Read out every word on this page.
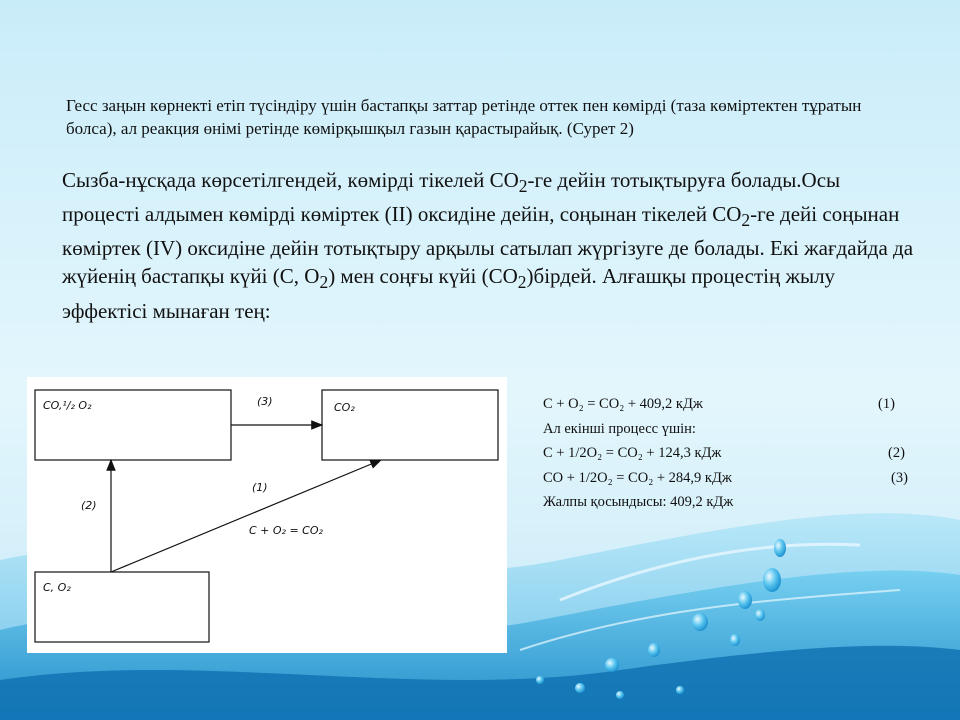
Гесс заңын көрнекті етіп түсіндіру үшін бастапқы заттар ретінде оттек пен көмірді (таза көміртектен тұратын болса), ал реакция өнімі ретінде көмірқышқыл газын қарастырайық. (Сурет 2)
Сызба-нұсқада көрсетілгендей, көмірді тікелей $CO_2-ге$ дейін тотықтыруға болады.Осы процесті алдымен көмірді көміртек (II) оксидіне дейін, соңынан тікелей $CO_2-ге$ дейі соңынан көміртек (IV) оксидіне дейін тотықтыру арқылы сатылап жүргізуге де болады. Екі жағдайда да жүйенің бастапқы күйі (C, $O_2$) мен соңғы күйі $(CO_2)бірдей$. Алғашқы процестің жылу эффектісі мынаған тең:
CO,¹/₂ O₂	CO₂
C, O₂
(3)
(2)
(1)
C + O₂ = CO₂
C + O₂ = CO₂ + 409,2 кДж	(1)
Ал екінші процесс үшін:
C + 1/2O₂ = CO₂ + 124,3 кДж	(2)
CO + 1/2O₂ = CO₂ + 284,9 кДж	(3)
Жалпы қосындысы: 409,2 кДж
